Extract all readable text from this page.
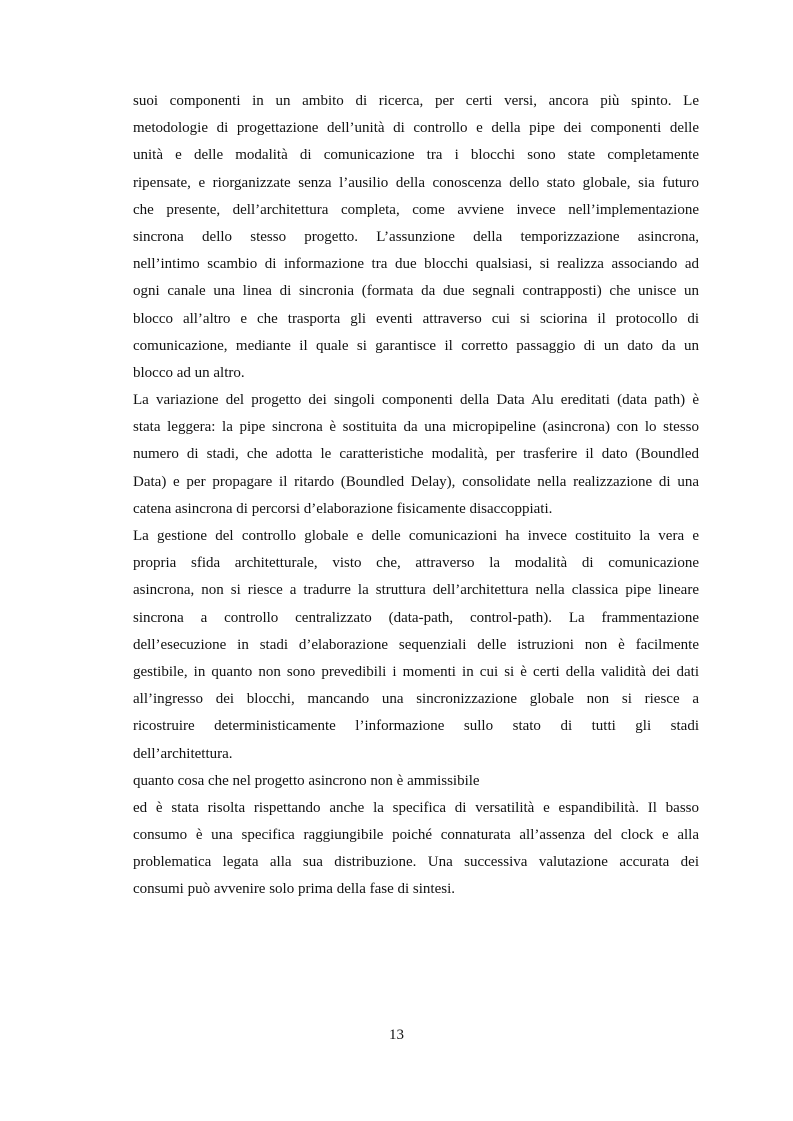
suoi componenti in un ambito di ricerca, per certi versi, ancora più spinto. Le
metodologie di progettazione dell’unità di controllo e della pipe dei componenti delle
unità e delle modalità di comunicazione tra i blocchi sono state completamente
ripensate, e riorganizzate senza l’ausilio della conoscenza dello stato globale, sia futuro
che presente, dell’architettura completa, come avviene invece nell’implementazione
sincrona dello stesso progetto. L’assunzione della temporizzazione asincrona,
nell’intimo scambio di informazione tra due blocchi qualsiasi, si realizza associando ad
ogni canale una linea di sincronia (formata da due segnali contrapposti) che unisce un
blocco all’altro e che trasporta gli eventi attraverso cui si sciorina il protocollo di
comunicazione, mediante il quale si garantisce il corretto passaggio di un dato da un
blocco ad un altro.
La variazione del progetto dei singoli componenti della Data Alu ereditati (data path) è
stata leggera: la pipe sincrona è sostituita da una micropipeline (asincrona) con lo stesso
numero di stadi, che adotta le caratteristiche modalità, per trasferire il dato (Boundled
Data) e per propagare il ritardo (Boundled Delay), consolidate nella realizzazione di una
catena asincrona di percorsi d’elaborazione fisicamente disaccoppiati.
La gestione del controllo globale e delle comunicazioni ha invece costituito la vera e
propria sfida architetturale, visto che, attraverso la modalità di comunicazione
asincrona, non si riesce a tradurre la struttura dell’architettura nella classica pipe lineare
sincrona a controllo centralizzato (data-path, control-path). La frammentazione
dell’esecuzione in stadi d’elaborazione sequenziali delle istruzioni non è facilmente
gestibile, in quanto non sono prevedibili i momenti in cui si è certi della validità dei dati
all’ingresso dei blocchi, mancando una sincronizzazione globale non si riesce a
ricostruire deterministicamente l’informazione sullo stato di tutti gli stadi
dell’architettura.
quanto cosa che nel progetto asincrono non è ammissibile
ed è stata risolta rispettando anche la specifica di versatilità e espandibilità. Il basso
consumo è una specifica raggiungibile poiché connaturata all’assenza del clock e alla
problematica legata alla sua distribuzione. Una successiva valutazione accurata dei
consumi può avvenire solo prima della fase di sintesi.
13
